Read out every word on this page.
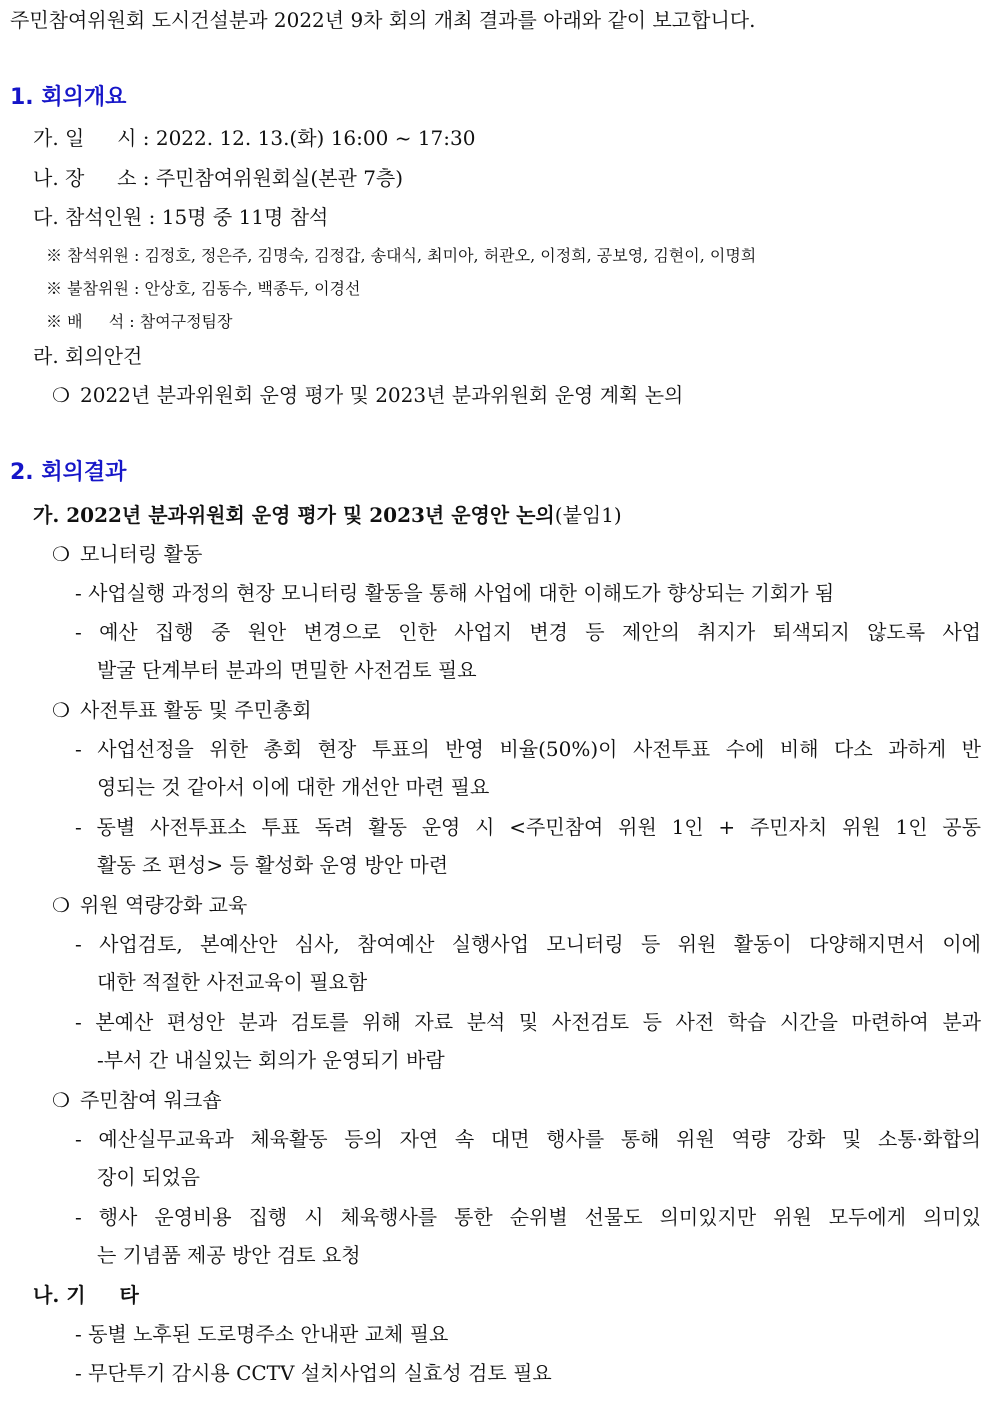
주민참여위원회 도시건설분과 2022년 9차 회의 개최 결과를 아래와 같이 보고합니다.
1. 회의개요
가. 일 　 시 : 2022. 12. 13.(화) 16:00 ~ 17:30
나. 장 　 소 : 주민참여위원회실(본관 7층)
다. 참석인원 : 15명 중 11명 참석
※ 참석위원 : 김정호, 정은주, 김명숙, 김정갑, 송대식, 최미아, 허관오, 이정희, 공보영, 김현이, 이명희
※ 불참위원 : 안상호, 김동수, 백종두, 이경선
※ 배 　 석 : 참여구정팀장
라. 회의안건
❍ 2022년 분과위원회 운영 평가 및 2023년 분과위원회 운영 계획 논의
2. 회의결과
가. 2022년 분과위원회 운영 평가 및 2023년 운영안 논의(붙임1)
❍ 모니터링 활동
- 사업실행 과정의 현장 모니터링 활동을 통해 사업에 대한 이해도가 향상되는 기회가 됨
- 예산 집행 중 원안 변경으로 인한 사업지 변경 등 제안의 취지가 퇴색되지 않도록 사업
발굴 단계부터 분과의 면밀한 사전검토 필요
❍ 사전투표 활동 및 주민총회
- 사업선정을 위한 총회 현장 투표의 반영 비율(50%)이 사전투표 수에 비해 다소 과하게 반
영되는 것 같아서 이에 대한 개선안 마련 필요
- 동별 사전투표소 투표 독려 활동 운영 시 <주민참여 위원 1인 + 주민자치 위원 1인 공동
활동 조 편성> 등 활성화 운영 방안 마련
❍ 위원 역량강화 교육
- 사업검토, 본예산안 심사, 참여예산 실행사업 모니터링 등 위원 활동이 다양해지면서 이에
대한 적절한 사전교육이 필요함
- 본예산 편성안 분과 검토를 위해 자료 분석 및 사전검토 등 사전 학습 시간을 마련하여 분과
-부서 간 내실있는 회의가 운영되기 바람
❍ 주민참여 워크숍
- 예산실무교육과 체육활동 등의 자연 속 대면 행사를 통해 위원 역량 강화 및 소통·화합의
장이 되었음
- 행사 운영비용 집행 시 체육행사를 통한 순위별 선물도 의미있지만 위원 모두에게 의미있
는 기념품 제공 방안 검토 요청
나. 기 　 타
- 동별 노후된 도로명주소 안내판 교체 필요
- 무단투기 감시용 CCTV 설치사업의 실효성 검토 필요
